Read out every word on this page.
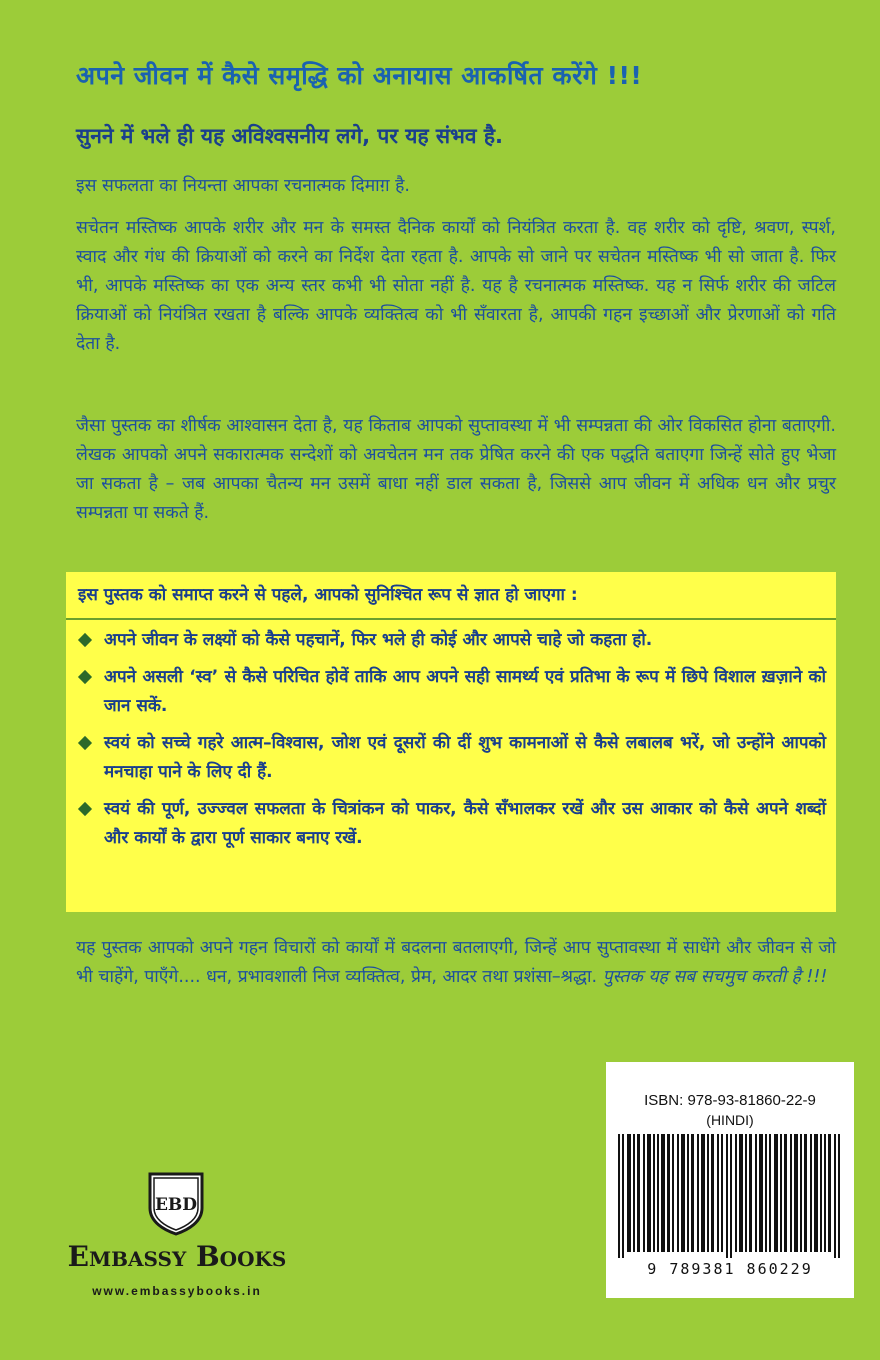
अपने जीवन में कैसे समृद्धि को अनायास आकर्षित करेंगे !!!
सुनने में भले ही यह अविश्वसनीय लगे, पर यह संभव है.
इस सफलता का नियन्ता आपका रचनात्मक दिमाग़ है.
सचेतन मस्तिष्क आपके शरीर और मन के समस्त दैनिक कार्यों को नियंत्रित करता है. वह शरीर को दृष्टि, श्रवण, स्पर्श, स्वाद और गंध की क्रियाओं को करने का निर्देश देता रहता है. आपके सो जाने पर सचेतन मस्तिष्क भी सो जाता है. फिर भी, आपके मस्तिष्क का एक अन्य स्तर कभी भी सोता नहीं है. यह है रचनात्मक मस्तिष्क. यह न सिर्फ शरीर की जटिल क्रियाओं को नियंत्रित रखता है बल्कि आपके व्यक्तित्व को भी सँवारता है, आपकी गहन इच्छाओं और प्रेरणाओं को गति देता है.
जैसा पुस्तक का शीर्षक आश्वासन देता है, यह किताब आपको सुप्तावस्था में भी सम्पन्नता की ओर विकसित होना बताएगी. लेखक आपको अपने सकारात्मक सन्देशों को अवचेतन मन तक प्रेषित करने की एक पद्धति बताएगा जिन्हें सोते हुए भेजा जा सकता है – जब आपका चैतन्य मन उसमें बाधा नहीं डाल सकता है, जिससे आप जीवन में अधिक धन और प्रचुर सम्पन्नता पा सकते हैं.
इस पुस्तक को समाप्त करने से पहले, आपको सुनिश्चित रूप से ज्ञात हो जाएगा :
अपने जीवन के लक्ष्यों को कैसे पहचानें, फिर भले ही कोई और आपसे चाहे जो कहता हो.
अपने असली ‘स्व’ से कैसे परिचित होवें ताकि आप अपने सही सामर्थ्य एवं प्रतिभा के रूप में छिपे विशाल ख़ज़ाने को जान सकें.
स्वयं को सच्चे गहरे आत्म–विश्वास, जोश एवं दूसरों की दीं शुभ कामनाओं से कैसे लबालब भरें, जो उन्होंने आपको मनचाहा पाने के लिए दी हैं.
स्वयं की पूर्ण, उज्ज्वल सफलता के चित्रांकन को पाकर, कैसे सँभालकर रखें और उस आकार को कैसे अपने शब्दों और कार्यों के द्वारा पूर्ण साकार बनाए रखें.
यह पुस्तक आपको अपने गहन विचारों को कार्यों में बदलना बतलाएगी, जिन्हें आप सुप्तावस्था में साधेंगे और जीवन से जो भी चाहेंगे, पाएँगे.... धन, प्रभावशाली निज व्यक्तित्व, प्रेम, आदर तथा प्रशंसा–श्रद्धा. पुस्तक यह सब सचमुच करती है !!!
ISBN: 978-93-81860-22-9
(HINDI)
9 789381 860229
EBD
Embassy Books
www.embassybooks.in
